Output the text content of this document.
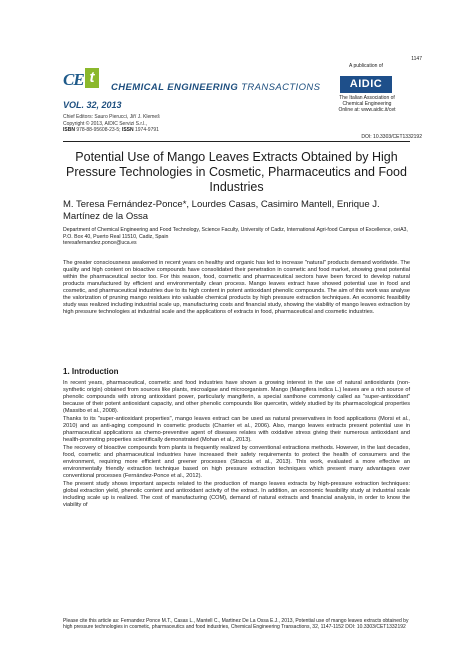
1147
CE t
CHEMICAL ENGINEERING TRANSACTIONS
A publication of
AIDIC
The Italian Association of Chemical Engineering Online at: www.aidic.it/cet
VOL. 32, 2013
Chief Editors: Sauro Pierucci, Jiří J. Klemeš
Copyright © 2013, AIDIC Servizi S.r.l.,
ISBN 978-88-95608-23-5; ISSN 1974-9791
DOI: 10.3303/CET1332192
Potential Use of Mango Leaves Extracts Obtained by High Pressure Technologies in Cosmetic, Pharmaceutics and Food Industries
M. Teresa Fernández-Ponce*, Lourdes Casas, Casimiro Mantell, Enrique J. Martínez de la Ossa
Department of Chemical Engineering and Food Technology, Science Faculty, University of Cadiz, International Agri-food Campus of Excellence, ceiA3, P.O. Box 40, Puerto Real 11510, Cadiz, Spain
teresafernandez.ponce@uca.es
The greater consciousness awakened in recent years on healthy and organic has led to increase "natural" products demand worldwide. The quality and high content on bioactive compounds have consolidated their penetration in cosmetic and food market, showing great potential within the pharmaceutical sector too. For this reason, food, cosmetic and pharmaceutical sectors have been forced to develop natural products manufactured by efficient and environmentally clean process. Mango leaves extract have showed potential use in food and cosmetic, and pharmaceutical industries due to its high content in potent antioxidant phenolic compounds. The aim of this work was analyse the valorization of pruning mango residues into valuable chemical products by high pressure extraction techniques. An economic feasibility study was realized including industrial scale up, manufacturing costs and financial study, showing the viability of mango leaves extraction by high pressure technologies at industrial scale and the applications of extracts in food, pharmaceutical and cosmetic industries.
1. Introduction

In recent years, pharmaceutical, cosmetic and food industries have shown a growing interest in the use of natural antioxidants (non-synthetic origin) obtained from sources like plants, microalgae and microorganism. Mango (Mangifera indica L.) leaves are a rich source of phenolic compounds with strong antioxidant power, particularly mangiferin, a special xanthone commonly called as "super-antioxidant" because of their potent antioxidant capacity, and other phenolic compounds like quercetin, widely studied by its pharmacological properties (Massibo et al., 2008).

Thanks to its "super-antioxidant properties", mango leaves extract can be used as natural preservatives in food applications (Morsi et al., 2010) and as anti-aging compound in cosmetic products (Charrier et al., 2006). Also, mango leaves extracts present potential use in pharmaceutical applications as chemo-preventive agent of diseases relates with oxidative stress giving their numerous antioxidant and health-promoting properties scientifically demonstrated (Mohan et al., 2013).

The recovery of bioactive compounds from plants is frequently realized by conventional extractions methods. However, in the last decades, food, cosmetic and pharmaceutical industries have increased their safety requirements to protect the health of consumers and the environment, requiring more efficient and greener processes (Straccia et al., 2013). This work, evaluated a more effective an environmentally friendly extraction technique based on high pressure extraction techniques which present many advantages over conventional processes (Fernández-Ponce et al., 2012).

The present study shows important aspects related to the production of mango leaves extracts by high-pressure extraction techniques: global extraction yield, phenolic content and antioxidant activity of the extract. In addition, an economic feasibility study at industrial scale including scale up is realized. The cost of manufacturing (COM), demand of natural extracts and financial analysis, in order to know the viability of

Please cite this article as: Fernandez Ponce M.T., Casas L., Mantell C., Martinez De La Ossa E.J., 2013, Potential use of mango leaves extracts obtained by high pressure technologies in cosmetic, pharmaceutics and food industries, Chemical Engineering Transactions, 32, 1147-1152 DOI: 10.3303/CET1332192
